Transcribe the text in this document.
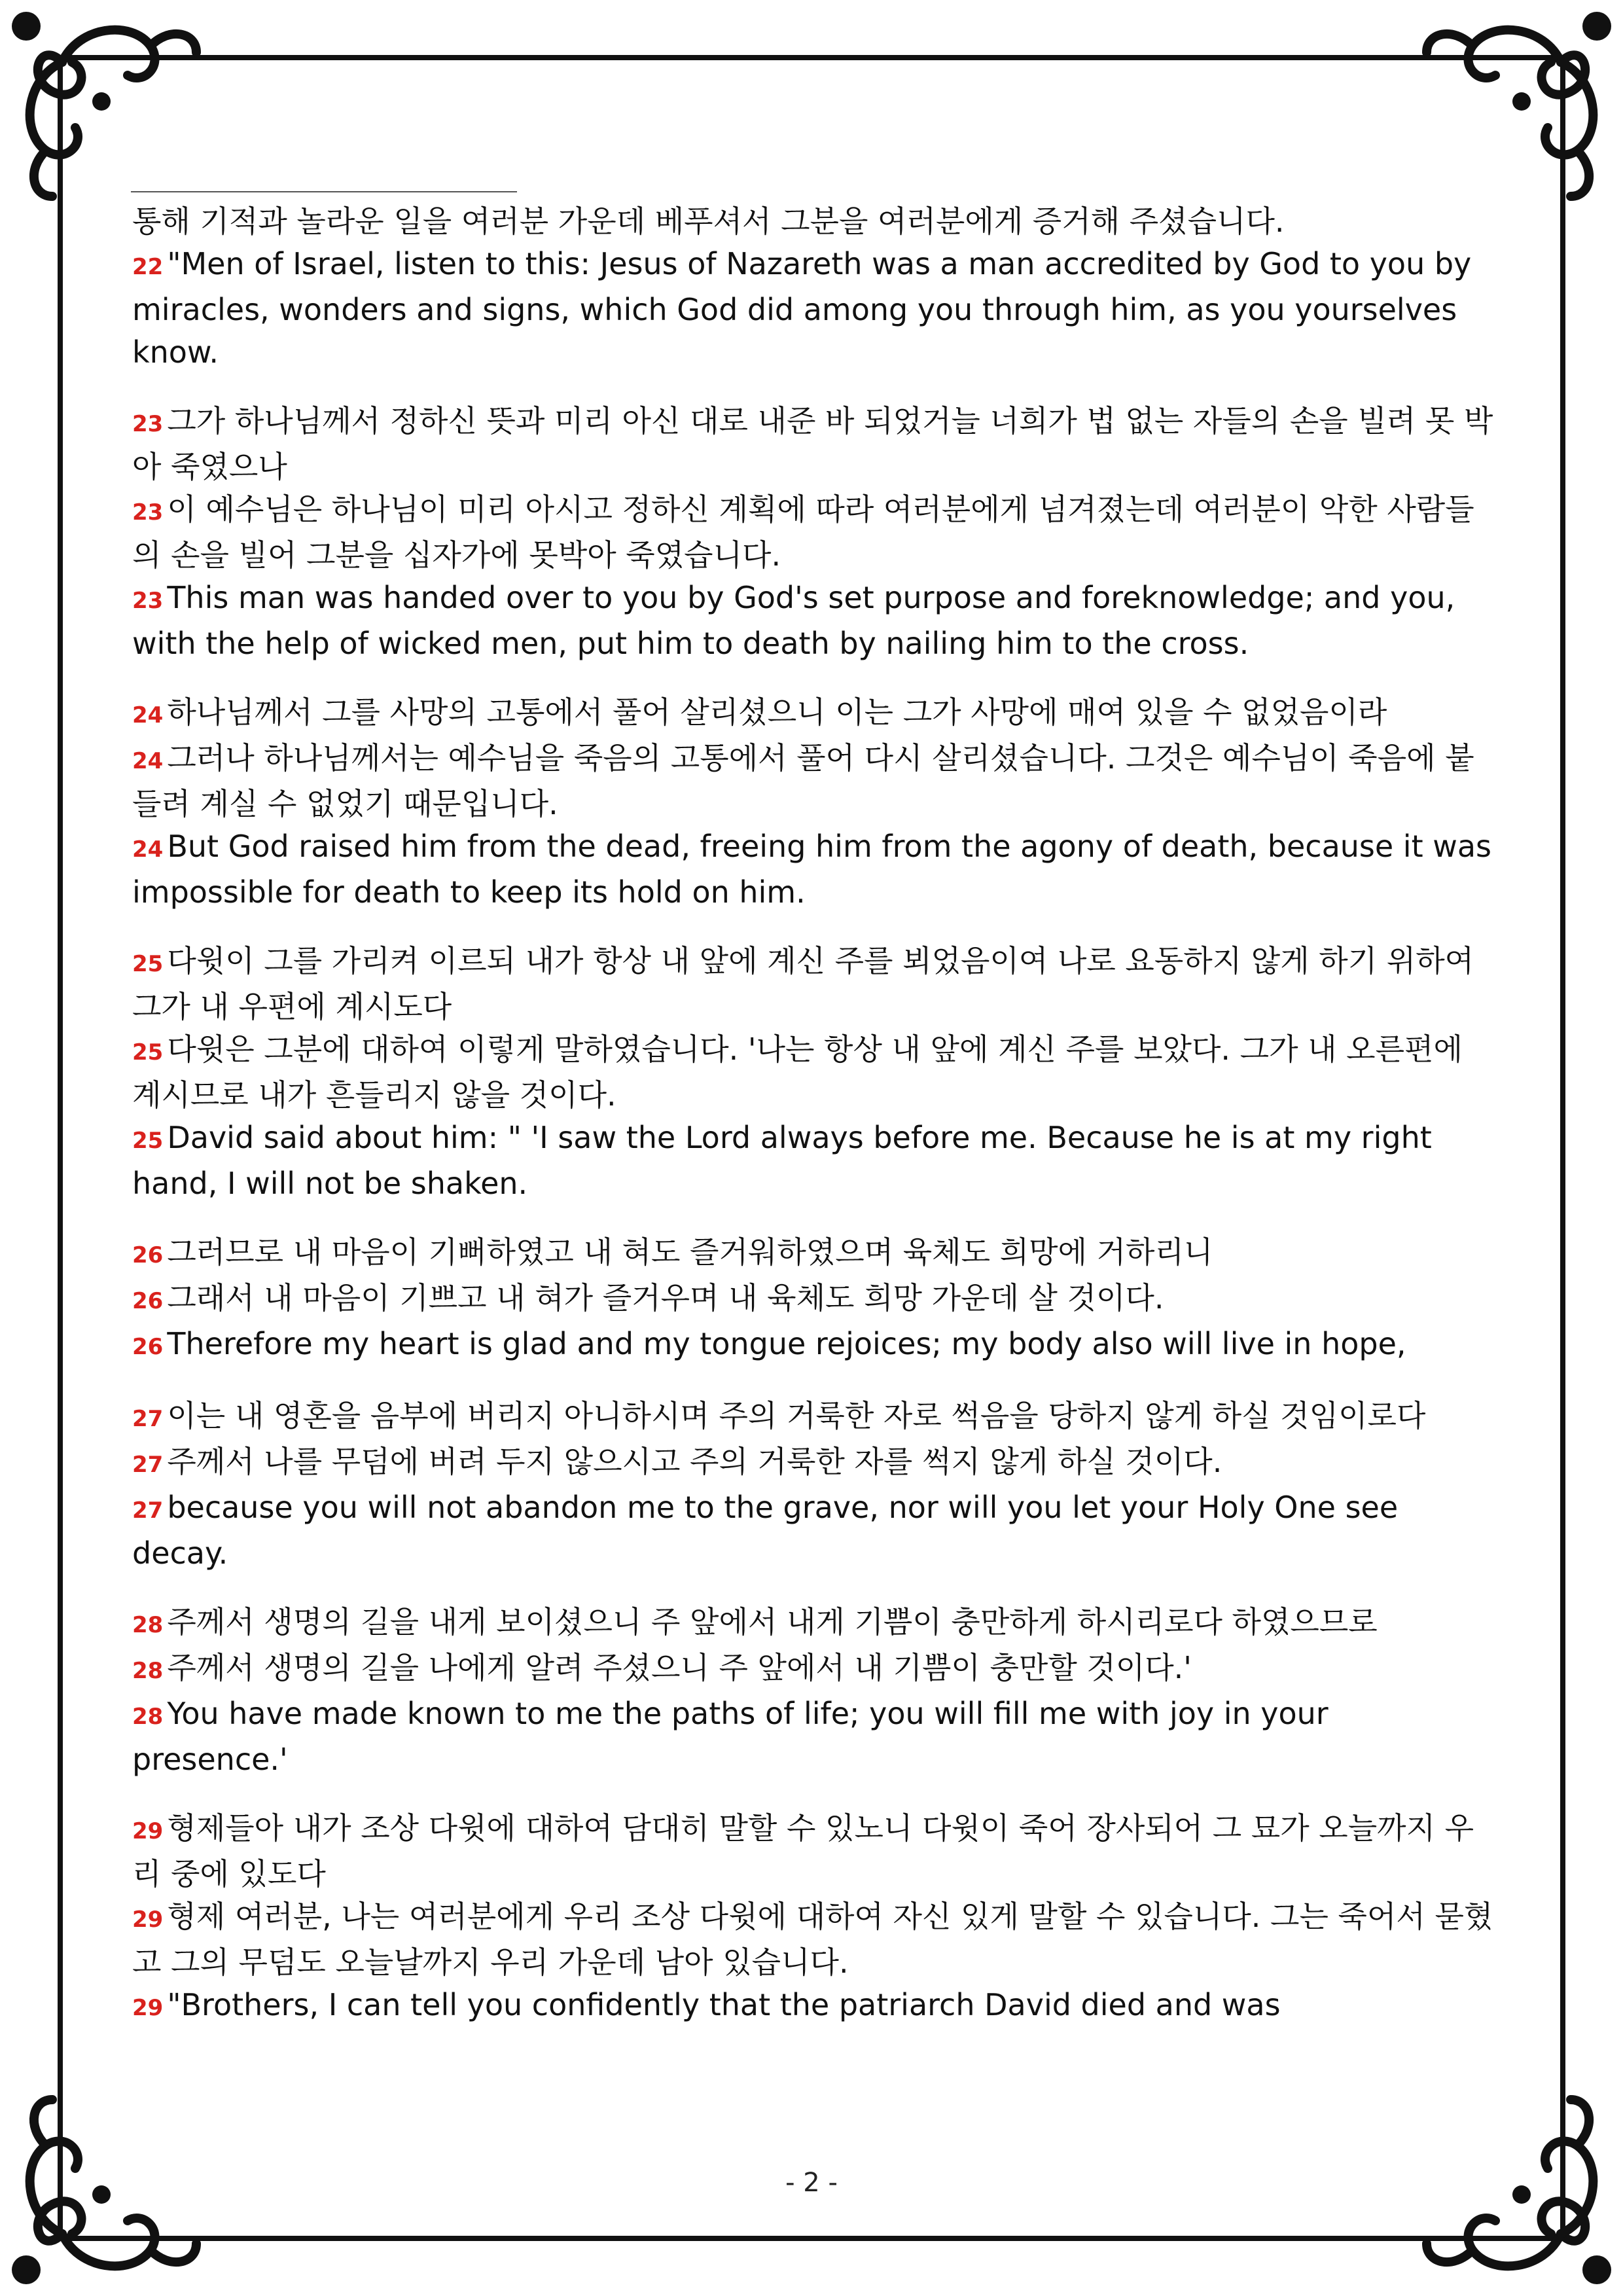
통해 기적과 놀라운 일을 여러분 가운데 베푸셔서 그분을 여러분에게 증거해 주셨습니다.

22 "Men of Israel, listen to this: Jesus of Nazareth was a man accredited by God to you by miracles, wonders and signs, which God did among you through him, as you yourselves know.

23 그가 하나님께서 정하신 뜻과 미리 아신 대로 내준 바 되었거늘 너희가 법 없는 자들의 손을 빌려 못 박아 죽였으나

23 이 예수님은 하나님이 미리 아시고 정하신 계획에 따라 여러분에게 넘겨졌는데 여러분이 악한 사람들의 손을 빌어 그분을 십자가에 못박아 죽였습니다.

23 This man was handed over to you by God's set purpose and foreknowledge; and you, with the help of wicked men, put him to death by nailing him to the cross.

24 하나님께서 그를 사망의 고통에서 풀어 살리셨으니 이는 그가 사망에 매여 있을 수 없었음이라

24 그러나 하나님께서는 예수님을 죽음의 고통에서 풀어 다시 살리셨습니다. 그것은 예수님이 죽음에 붙들려 계실 수 없었기 때문입니다.

24 But God raised him from the dead, freeing him from the agony of death, because it was impossible for death to keep its hold on him.

25 다윗이 그를 가리켜 이르되 내가 항상 내 앞에 계신 주를 뵈었음이여 나로 요동하지 않게 하기 위하여 그가 내 우편에 계시도다

25 다윗은 그분에 대하여 이렇게 말하였습니다. '나는 항상 내 앞에 계신 주를 보았다. 그가 내 오른편에 계시므로 내가 흔들리지 않을 것이다.

25 David said about him: " 'I saw the Lord always before me. Because he is at my right hand, I will not be shaken.

26 그러므로 내 마음이 기뻐하였고 내 혀도 즐거워하였으며 육체도 희망에 거하리니

26 그래서 내 마음이 기쁘고 내 혀가 즐거우며 내 육체도 희망 가운데 살 것이다.

26 Therefore my heart is glad and my tongue rejoices; my body also will live in hope,

27 이는 내 영혼을 음부에 버리지 아니하시며 주의 거룩한 자로 썩음을 당하지 않게 하실 것임이로다

27 주께서 나를 무덤에 버려 두지 않으시고 주의 거룩한 자를 썩지 않게 하실 것이다.

27 because you will not abandon me to the grave, nor will you let your Holy One see decay.

28 주께서 생명의 길을 내게 보이셨으니 주 앞에서 내게 기쁨이 충만하게 하시리로다 하였으므로

28 주께서 생명의 길을 나에게 알려 주셨으니 주 앞에서 내 기쁨이 충만할 것이다.'

28 You have made known to me the paths of life; you will fill me with joy in your presence.'

29 형제들아 내가 조상 다윗에 대하여 담대히 말할 수 있노니 다윗이 죽어 장사되어 그 묘가 오늘까지 우리 중에 있도다

29 형제 여러분, 나는 여러분에게 우리 조상 다윗에 대하여 자신 있게 말할 수 있습니다. 그는 죽어서 묻혔고 그의 무덤도 오늘날까지 우리 가운데 남아 있습니다.

29 "Brothers, I can tell you confidently that the patriarch David died and was

- 2 -
